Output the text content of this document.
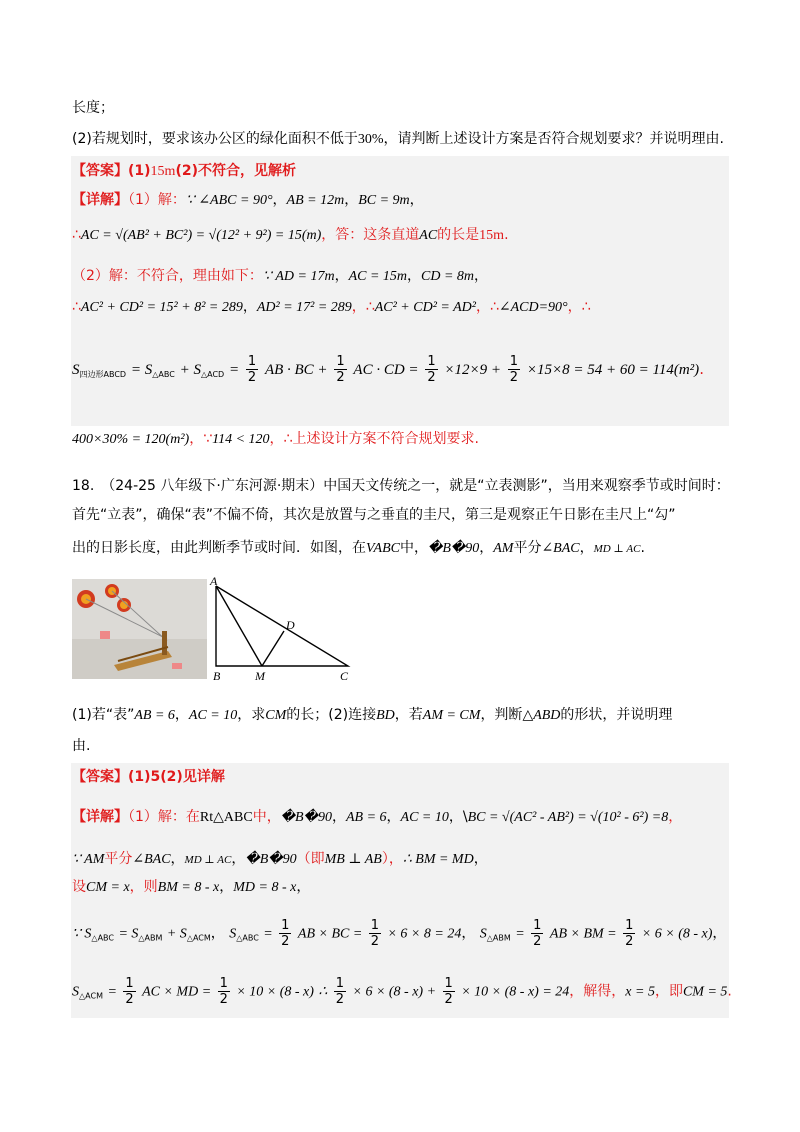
长度；
(2)若规划时，要求该办公区的绿化面积不低于30%，请判断上述设计方案是否符合规划要求？并说明理由.
【答案】(1)15m(2)不符合，见解析
【详解】（1）解：∵ ∠ABC = 90°，AB = 12m，BC = 9m，
∴AC = √(AB² + BC²) = √(12² + 9²) = 15(m)，答：这条直道AC的长是15m.
（2）解：不符合，理由如下：∵ AD = 17m，AC = 15m，CD = 8m，
∴AC² + CD² = 15² + 8² = 289，AD² = 17² = 289，∴AC² + CD² = AD²，∴∠ACD=90°，∴
$S_{四边形ABCD} = S_{\triangle ABC} + S_{\triangle ACD} = \frac{1}{2}$ AB · BC + $\frac{1}{2}$ AC · CD = $\frac{1}{2} \times 12\times 9 + \frac{1}{2} \times 15\times 8 = 54 + 60 = 114(m^2)$.
400×30% = 120(m²)，∵114 < 120，∴上述设计方案不符合规划要求.
18.　（24-25 八年级下·广东河源·期末）中国天文传统之一，就是“立表测影”，当用来观察季节或时间时：
首先“立表”，确保“表”不偏不倚，其次是放置与之垂直的圭尺，第三是观察正午日影在圭尺上“勾”
出的日影长度，由此判断季节或时间．如图，在VABC中，�B�90，AM平分∠BAC，MD ⊥ AC.
A
B	M	C
D
(1)若“表”AB = 6，AC = 10，求CM的长；(2)连接BD，若AM = CM，判断△ABD的形状，并说明理
由.
【答案】(1)5(2)见详解
【详解】（1）解：在Rt△ABC中，�B�90，AB = 6，AC = 10，\BC = √(AC² - AB²) = √(10² - 6²) =8，
∵ AM平分∠BAC，MD ⊥ AC，�B�90（即MB ⊥ AB），∴ BM = MD，
设CM = x，则BM = 8 - x，MD = 8 - x，
∵ $S_{\triangle ABC} = S_{\triangle ABM} + S_{\triangle ACM}$， $S_{\triangle ABC} = \frac{1}{2}$ AB × BC = $\frac{1}{2} \times 6 \times 8 = 24$， $S_{\triangle ABM} = \frac{1}{2}$ AB × BM = $\frac{1}{2} \times 6 \times (8 - x)$，
$S_{\triangle ACM} = \frac{1}{2}$ AC × MD = $\frac{1}{2} \times 10 \times (8 - x)$ ∴ $\frac{1}{2} \times 6 \times (8 - x) + \frac{1}{2} \times 10 \times (8 - x) = 24$，解得，x = 5，即CM = 5.
